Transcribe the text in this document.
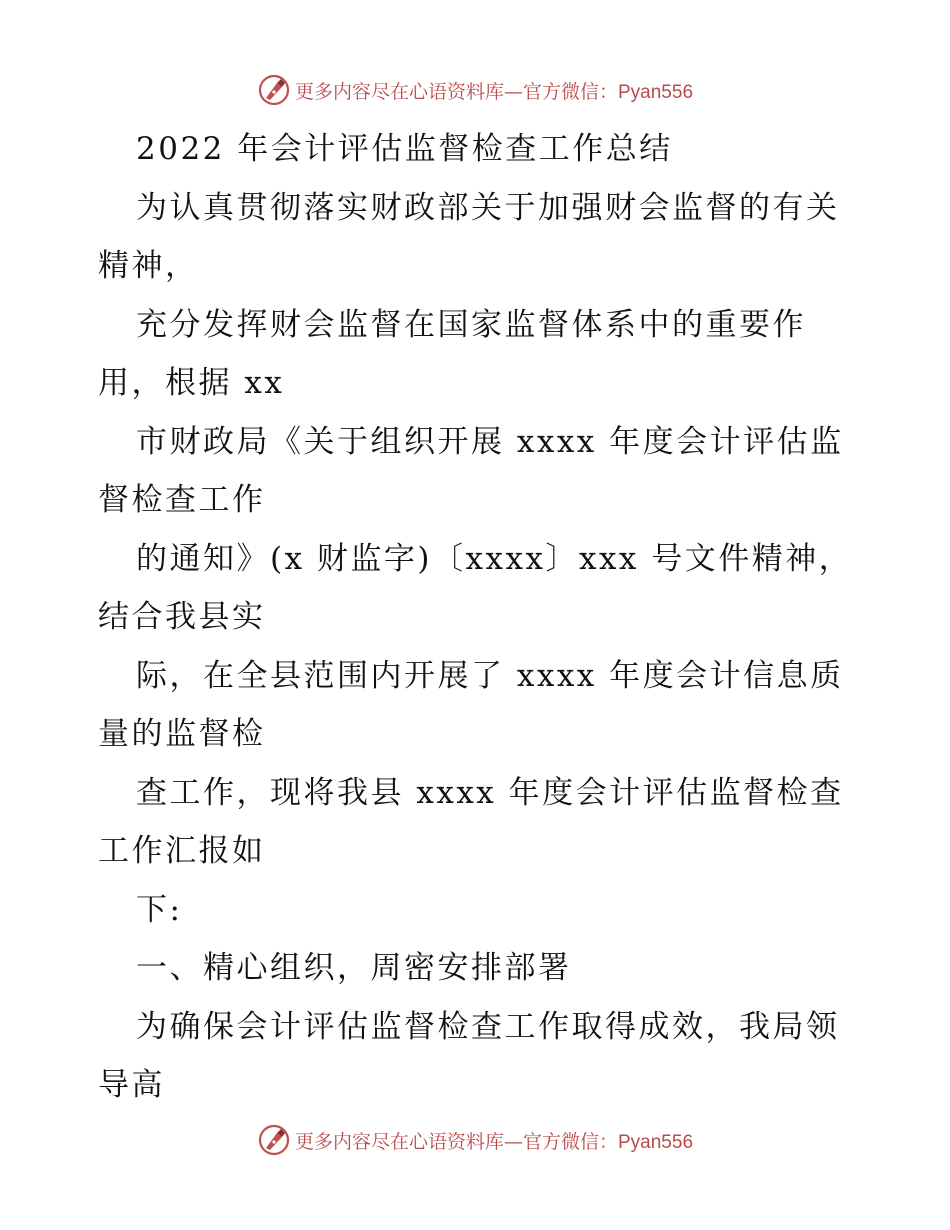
更多内容尽在心语资料库—官方微信：Pyan556
2022 年会计评估监督检查工作总结
为认真贯彻落实财政部关于加强财会监督的有关
精神，
充分发挥财会监督在国家监督体系中的重要作
用，根据 xx
市财政局《关于组织开展 xxxx 年度会计评估监
督检查工作
的通知》(x 财监字)〔xxxx〕xxx 号文件精神，
结合我县实
际，在全县范围内开展了 xxxx 年度会计信息质
量的监督检
查工作，现将我县 xxxx 年度会计评估监督检查
工作汇报如
下:
一、精心组织，周密安排部署
为确保会计评估监督检查工作取得成效，我局领
导高
更多内容尽在心语资料库—官方微信：Pyan556
